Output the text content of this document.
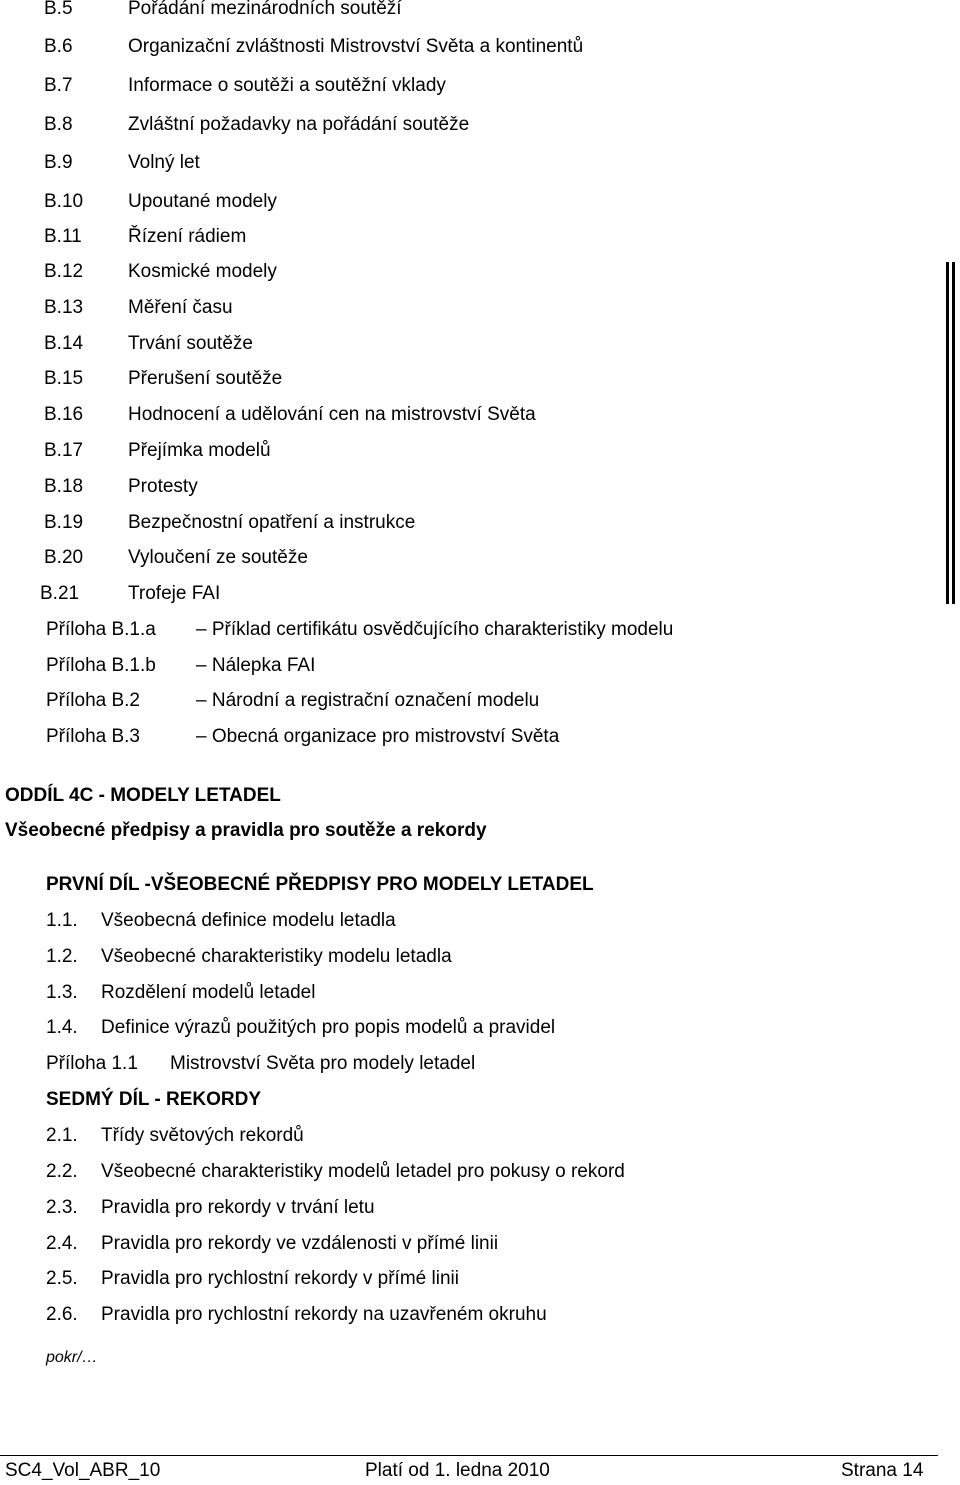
B.5	Pořádání mezinárodních soutěží
B.6	Organizační zvláštnosti Mistrovství Světa a kontinentů
B.7	Informace o soutěži a soutěžní vklady
B.8	Zvláštní požadavky na pořádání soutěže
B.9	Volný let
B.10 Upoutané modely
B.11 Řízení rádiem
B.12 Kosmické modely
B.13 Měření času
B.14 Trvání soutěže
B.15 Přerušení soutěže
B.16 Hodnocení a udělování cen na mistrovství Světa
B.17 Přejímka modelů
B.18 Protesty
B.19 Bezpečnostní opatření a instrukce
B.20 Vyloučení ze soutěže
B.21	Trofeje FAI
Příloha B.1.a – Příklad certifikátu osvědčujícího charakteristiky modelu
Příloha B.1.b – Nálepka FAI
Příloha B.2	– Národní a registrační označení modelu
Příloha B.3	– Obecná organizace pro mistrovství Světa
ODDÍL 4C - MODELY LETADEL
Všeobecné předpisy a pravidla pro soutěže a rekordy
PRVNÍ DÍL -VŠEOBECNÉ PŘEDPISY PRO MODELY LETADEL
1.1. Všeobecná definice modelu letadla
1.2. Všeobecné charakteristiky modelu letadla
1.3. Rozdělení modelů letadel
1.4. Definice výrazů použitých pro popis modelů a pravidel
Příloha 1.1 Mistrovství Světa pro modely letadel
SEDMÝ DÍL - REKORDY
2.1. Třídy světových rekordů
2.2. Všeobecné charakteristiky modelů letadel pro pokusy o rekord
2.3. Pravidla pro rekordy v trvání letu
2.4. Pravidla pro rekordy ve vzdálenosti v přímé linii
2.5. Pravidla pro rychlostní rekordy v přímé linii
2.6. Pravidla pro rychlostní rekordy na uzavřeném okruhu
pokr/…
SC4_Vol_ABR_10	Platí od 1. ledna 2010	Strana 14
